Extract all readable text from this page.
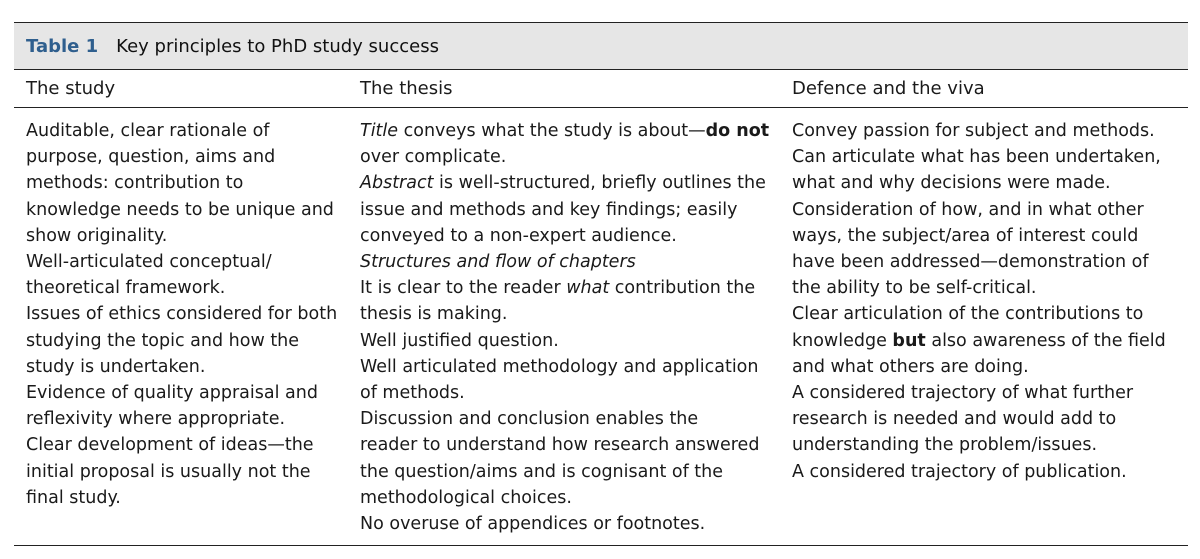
Table 1 Key principles to PhD study success
The study	The thesis	Defence and the viva
Auditable, clear rationale of
purpose, question, aims and
methods: contribution to
knowledge needs to be unique and
show originality.
Well-articulated conceptual/
theoretical framework.
Issues of ethics considered for both
studying the topic and how the
study is undertaken.
Evidence of quality appraisal and
reflexivity where appropriate.
Clear development of ideas—the
initial proposal is usually not the
final study.
Title conveys what the study is about—do not
over complicate.
Abstract is well-structured, briefly outlines the
issue and methods and key findings; easily
conveyed to a non-expert audience.
Structures and flow of chapters
It is clear to the reader what contribution the
thesis is making.
Well justified question.
Well articulated methodology and application
of methods.
Discussion and conclusion enables the
reader to understand how research answered
the question/aims and is cognisant of the
methodological choices.
No overuse of appendices or footnotes.
Convey passion for subject and methods.
Can articulate what has been undertaken,
what and why decisions were made.
Consideration of how, and in what other
ways, the subject/area of interest could
have been addressed—demonstration of
the ability to be self-critical.
Clear articulation of the contributions to
knowledge but also awareness of the field
and what others are doing.
A considered trajectory of what further
research is needed and would add to
understanding the problem/issues.
A considered trajectory of publication.
